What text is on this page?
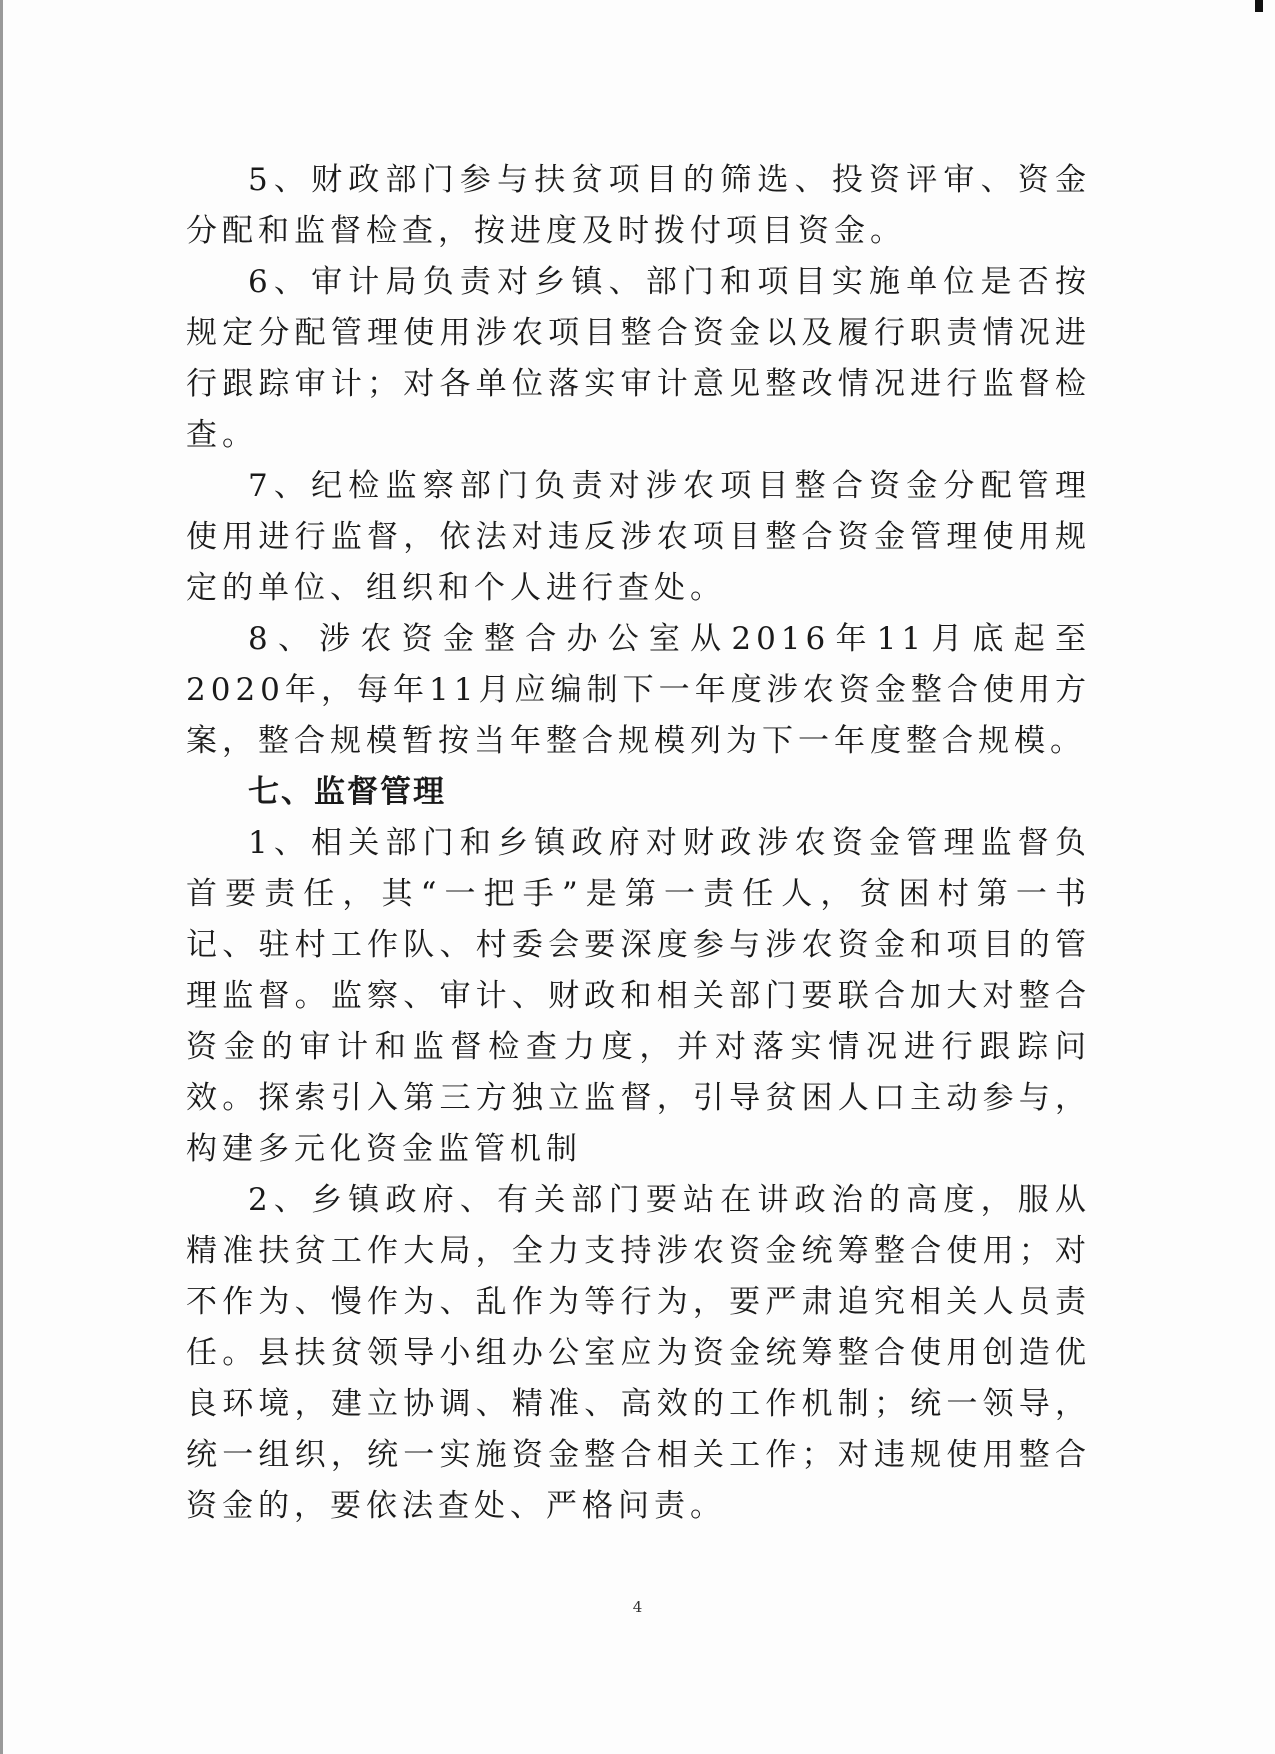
5、财政部门参与扶贫项目的筛选、投资评审、资金分配和监督检查，按进度及时拨付项目资金。

6、审计局负责对乡镇、部门和项目实施单位是否按规定分配管理使用涉农项目整合资金以及履行职责情况进行跟踪审计；对各单位落实审计意见整改情况进行监督检查。

7、纪检监察部门负责对涉农项目整合资金分配管理使用进行监督，依法对违反涉农项目整合资金管理使用规定的单位、组织和个人进行查处。

8、涉农资金整合办公室从2016年11月底起至2020年，每年11月应编制下一年度涉农资金整合使用方案，整合规模暂按当年整合规模列为下一年度整合规模。

七、监督管理

1、相关部门和乡镇政府对财政涉农资金管理监督负首要责任，其“一把手”是第一责任人，贫困村第一书记、驻村工作队、村委会要深度参与涉农资金和项目的管理监督。监察、审计、财政和相关部门要联合加大对整合资金的审计和监督检查力度，并对落实情况进行跟踪问效。探索引入第三方独立监督，引导贫困人口主动参与，构建多元化资金监管机制

2、乡镇政府、有关部门要站在讲政治的高度，服从精准扶贫工作大局，全力支持涉农资金统筹整合使用；对不作为、慢作为、乱作为等行为，要严肃追究相关人员责任。县扶贫领导小组办公室应为资金统筹整合使用创造优良环境，建立协调、精准、高效的工作机制；统一领导，统一组织，统一实施资金整合相关工作；对违规使用整合资金的，要依法查处、严格问责。

4
